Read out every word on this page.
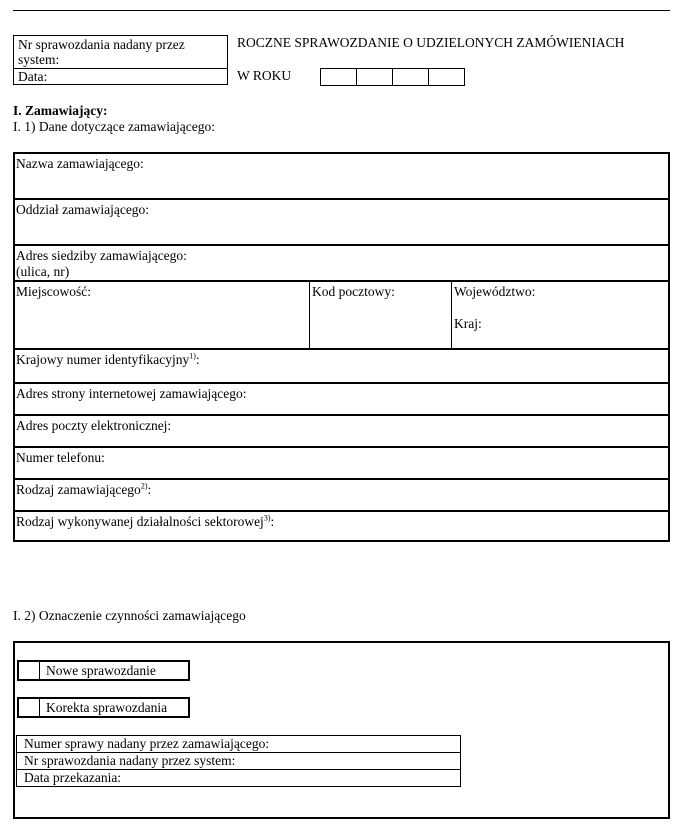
Nr sprawozdania nadany przez system:
Data:
ROCZNE SPRAWOZDANIE O UDZIELONYCH ZAMÓWIENIACH
W ROKU
I. Zamawiający:
I. 1) Dane dotyczące zamawiającego:
Nazwa zamawiającego:
Oddział zamawiającego:
Adres siedziby zamawiającego:
(ulica, nr)
Miejscowość:	Kod pocztowy:	Województwo:
Kraj:
Krajowy numer identyfikacyjny$^{1)}$:
Adres strony internetowej zamawiającego:
Adres poczty elektronicznej:
Numer telefonu:
Rodzaj zamawiającego$^{2)}$:
Rodzaj wykonywanej działalności sektorowej$^{3)}$:
I. 2) Oznaczenie czynności zamawiającego
Nowe sprawozdanie
Korekta sprawozdania
Numer sprawy nadany przez zamawiającego:
Nr sprawozdania nadany przez system:
Data przekazania:
